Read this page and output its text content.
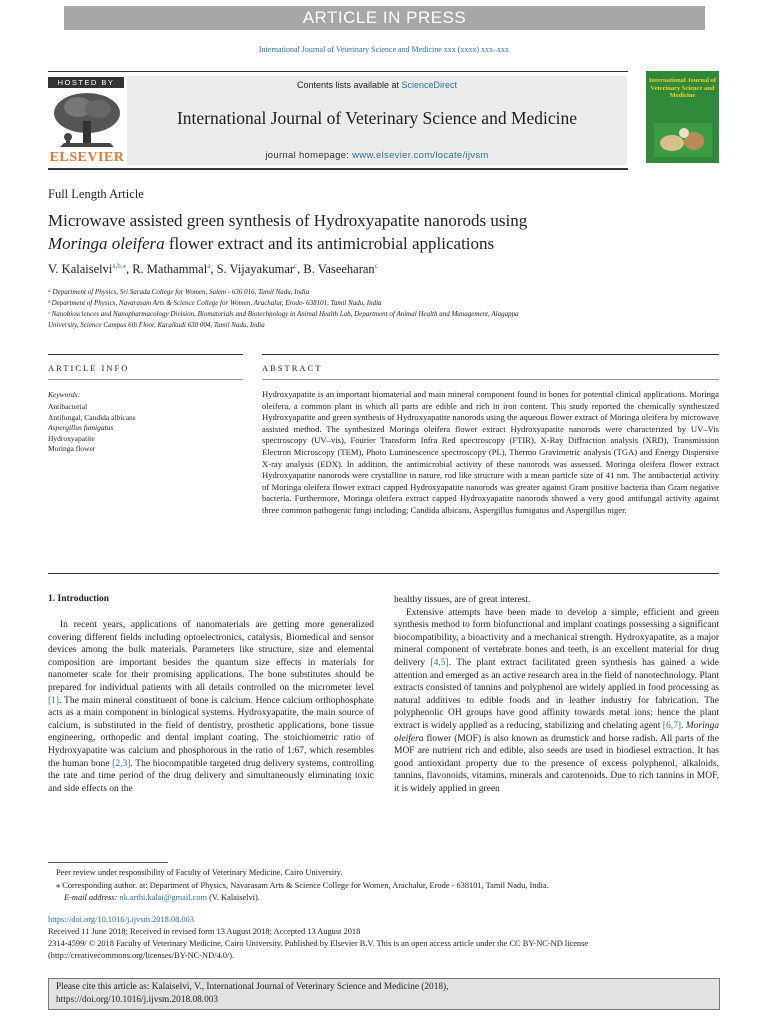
ARTICLE IN PRESS
International Journal of Veterinary Science and Medicine xxx (xxxx) xxx–xxx
Contents lists available at ScienceDirect
International Journal of Veterinary Science and Medicine
journal homepage: www.elsevier.com/locate/ijvsm
HOSTED BY
ELSEVIER
International Journal of Veterinary Science and Medicine
Full Length Article
Microwave assisted green synthesis of Hydroxyapatite nanorods using
Moringa oleifera flower extract and its antimicrobial applications
V. Kalaiselvi$^{a,b,⁎}$, R. Mathammal$^a$, S. Vijayakumar$^c$, B. Vaseeharan$^c$
ᵃ Department of Physics, Sri Sarada College for Women, Salem - 636 016, Tamil Nadu, India
ᵇ Department of Physics, Navarasam Arts & Science College for Women, Arachalur, Erode- 638101, Tamil Nadu, India
ᶜ Nanobiosciences and Nanopharmacology Division, Biomaterials and Biotechnology in Animal Health Lab, Department of Animal Health and Management, Alagappa
University, Science Campus 6th Floor, Karaikudi 630 004, Tamil Nadu, India
ARTICLE INFO	ABSTRACT
Keywords:
Antibacterial
Antifungal, Candida albicans
Aspergillus fumigatus
Hydroxyapatite
Moringa flower
Hydroxyapatite is an important biomaterial and main mineral component found in bones for potential clinical applications. Moringa oleifera, a common plant in which all parts are edible and rich in iron content. This study reported the chemically synthesized Hydroxyapatite and green synthesis of Hydroxyapatite nanorods using the aqueous flower extract of Moringa oleifera by microwave assisted method. The synthesized Moringa oleifera flower extract Hydroxyapatite nanorods were characterized by UV–Vis spectroscopy (UV–vis), Fourier Transform Infra Red spectroscopy (FTIR), X-Ray Diffraction analysis (XRD), Transmission Electron Microscopy (TEM), Photo Luminescence spectroscopy (PL), Thermo Gravimetric analysis (TGA) and Energy Dispersive X-ray analysis (EDX). In addition, the antimicrobial activity of these nanorods was assessed. Moringa oleifera flower extract Hydroxyapatite nanorods were crystalline in nature, rod like structure with a mean particle size of 41 nm. The antibacterial activity of Moringa oleifera flower extract capped Hydroxyapatite nanorods was greater against Gram positive bacteria than Gram negative bacteria. Furthermore, Moringa oleifera extract capped Hydroxyapatite nanorods showed a very good antifungal activity against three common pathogenic fungi including; Candida albicans, Aspergillus fumigatus and Aspergillus niger.
1. Introduction

In recent years, applications of nanomaterials are getting more generalized covering different fields including optoelectronics, catalysis, Biomedical and sensor devices among the bulk materials. Parameters like structure, size and elemental composition are important besides the quantum size effects in materials for nanometer scale for their promising applications. The bone substitutes should be prepared for individual patients with all details controlled on the micrometer level [1]. The main mineral constituent of bone is calcium. Hence calcium orthophosphate acts as a main component in biological systems. Hydroxyapatite, the main source of calcium, is substituted in the field of dentistry, prosthetic applications, bone tissue engineering, orthopedic and dental implant coating. The stoichiometric ratio of Hydroxyapatite was calcium and phosphorous in the ratio of 1:67, which resembles the human bone [2,3]. The biocompatible targeted drug delivery systems, controlling the rate and time period of the drug delivery and simultaneously eliminating toxic and side effects on the

healthy tissues, are of great interest.

Extensive attempts have been made to develop a simple, efficient and green synthesis method to form biofunctional and implant coatings possessing a significant biocompatibility, a bioactivity and a mechanical strength. Hydroxyapatite, as a major mineral component of vertebrate bones and teeth, is an excellent material for drug delivery [4,5]. The plant extract facilitated green synthesis has gained a wide attention and emerged as an active research area in the field of nanotechnology. Plant extracts consisted of tannins and polyphenol are widely applied in food processing as natural additives to edible foods and in leather industry for fabrication. The polyphenolic OH groups have good affinity towards metal ions; hence the plant extract is widely applied as a reducing, stabilizing and chelating agent [6,7]. Moringa oleifera flower (MOF) is also known as drumstick and horse radish. All parts of the MOF are nutrient rich and edible, also seeds are used in biodiesel extraction. It has good antioxidant property due to the presence of excess polyphenol, alkaloids, tannins, flavonoids, vitamins, minerals and carotenoids. Due to rich tannins in MOF, it is widely applied in green

Peer review under responsibility of Faculty of Veterinary Medicine, Cairo University.
⁎ Corresponding author. at: Department of Physics, Navarasam Arts & Science College for Women, Arachalur, Erode - 638101, Tamil Nadu, India.
E-mail address: nk.arthi.kalai@gmail.com (V. Kalaiselvi).
https://doi.org/10.1016/j.ijvsm.2018.08.003
Received 11 June 2018; Received in revised form 13 August 2018; Accepted 13 August 2018
2314-4599/ © 2018 Faculty of Veterinary Medicine, Cairo University. Published by Elsevier B.V. This is an open access article under the CC BY-NC-ND license
(http://creativecommons.org/licenses/BY-NC-ND/4.0/).
Please cite this article as: Kalaiselvi, V., International Journal of Veterinary Science and Medicine (2018),
https://doi.org/10.1016/j.ijvsm.2018.08.003
